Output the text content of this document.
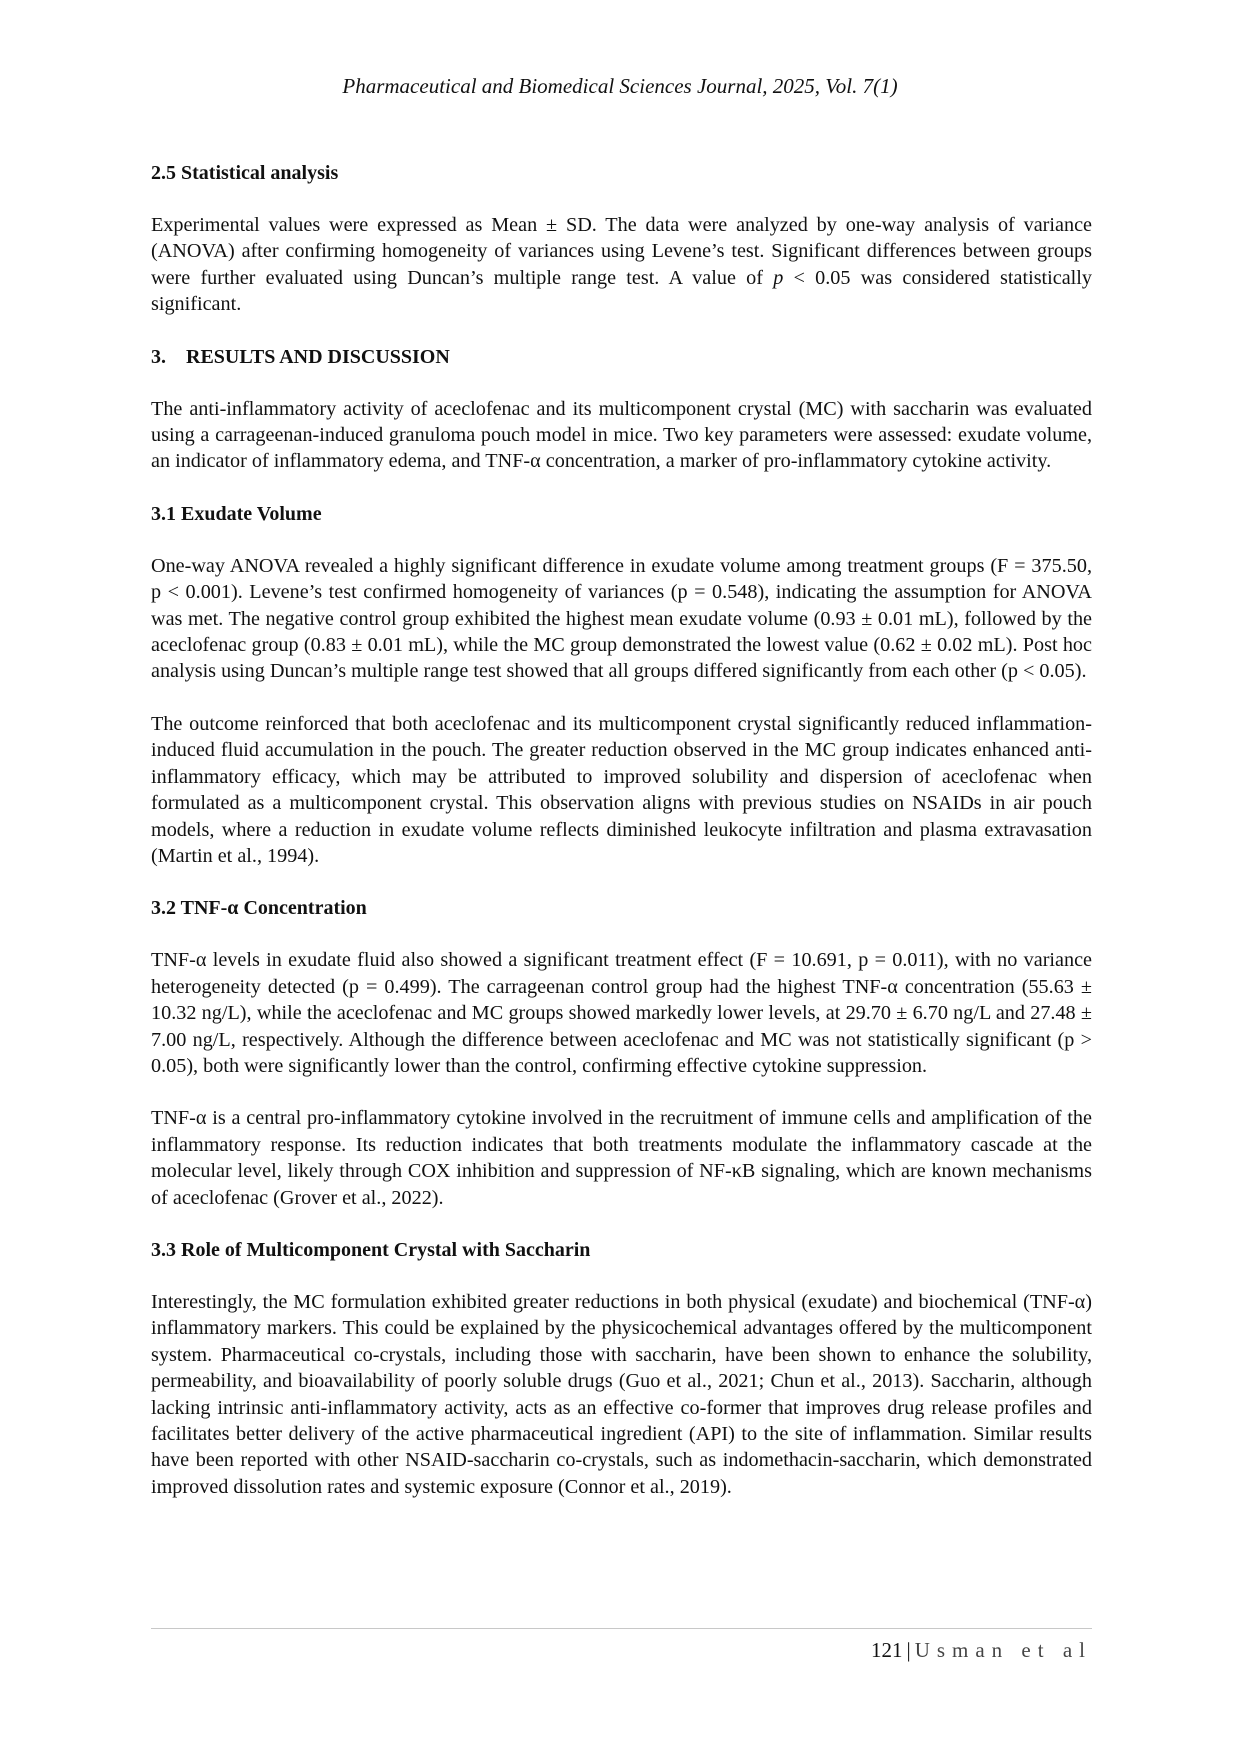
Pharmaceutical and Biomedical Sciences Journal, 2025, Vol. 7(1)
2.5 Statistical analysis

Experimental values were expressed as Mean ± SD. The data were analyzed by one-way analysis of variance (ANOVA) after confirming homogeneity of variances using Levene’s test. Significant differences between groups were further evaluated using Duncan’s multiple range test. A value of p < 0.05 was considered statistically significant.

3.    RESULTS AND DISCUSSION

The anti-inflammatory activity of aceclofenac and its multicomponent crystal (MC) with saccharin was evaluated using a carrageenan-induced granuloma pouch model in mice. Two key parameters were assessed: exudate volume, an indicator of inflammatory edema, and TNF-α concentration, a marker of pro-inflammatory cytokine activity.

3.1 Exudate Volume

One-way ANOVA revealed a highly significant difference in exudate volume among treatment groups (F = 375.50, p < 0.001). Levene’s test confirmed homogeneity of variances (p = 0.548), indicating the assumption for ANOVA was met. The negative control group exhibited the highest mean exudate volume (0.93 ± 0.01 mL), followed by the aceclofenac group (0.83 ± 0.01 mL), while the MC group demonstrated the lowest value (0.62 ± 0.02 mL). Post hoc analysis using Duncan’s multiple range test showed that all groups differed significantly from each other (p < 0.05).

The outcome reinforced that both aceclofenac and its multicomponent crystal significantly reduced inflammation-induced fluid accumulation in the pouch. The greater reduction observed in the MC group indicates enhanced anti-inflammatory efficacy, which may be attributed to improved solubility and dispersion of aceclofenac when formulated as a multicomponent crystal. This observation aligns with previous studies on NSAIDs in air pouch models, where a reduction in exudate volume reflects diminished leukocyte infiltration and plasma extravasation (Martin et al., 1994).

3.2 TNF-α Concentration

TNF-α levels in exudate fluid also showed a significant treatment effect (F = 10.691, p = 0.011), with no variance heterogeneity detected (p = 0.499). The carrageenan control group had the highest TNF-α concentration (55.63 ± 10.32 ng/L), while the aceclofenac and MC groups showed markedly lower levels, at 29.70 ± 6.70 ng/L and 27.48 ± 7.00 ng/L, respectively. Although the difference between aceclofenac and MC was not statistically significant (p > 0.05), both were significantly lower than the control, confirming effective cytokine suppression.

TNF-α is a central pro-inflammatory cytokine involved in the recruitment of immune cells and amplification of the inflammatory response. Its reduction indicates that both treatments modulate the inflammatory cascade at the molecular level, likely through COX inhibition and suppression of NF-κB signaling, which are known mechanisms of aceclofenac (Grover et al., 2022).

3.3 Role of Multicomponent Crystal with Saccharin

Interestingly, the MC formulation exhibited greater reductions in both physical (exudate) and biochemical (TNF-α) inflammatory markers. This could be explained by the physicochemical advantages offered by the multicomponent system. Pharmaceutical co-crystals, including those with saccharin, have been shown to enhance the solubility, permeability, and bioavailability of poorly soluble drugs (Guo et al., 2021; Chun et al., 2013). Saccharin, although lacking intrinsic anti-inflammatory activity, acts as an effective co-former that improves drug release profiles and facilitates better delivery of the active pharmaceutical ingredient (API) to the site of inflammation. Similar results have been reported with other NSAID-saccharin co-crystals, such as indomethacin-saccharin, which demonstrated improved dissolution rates and systemic exposure (Connor et al., 2019).

121 | Usman et al
